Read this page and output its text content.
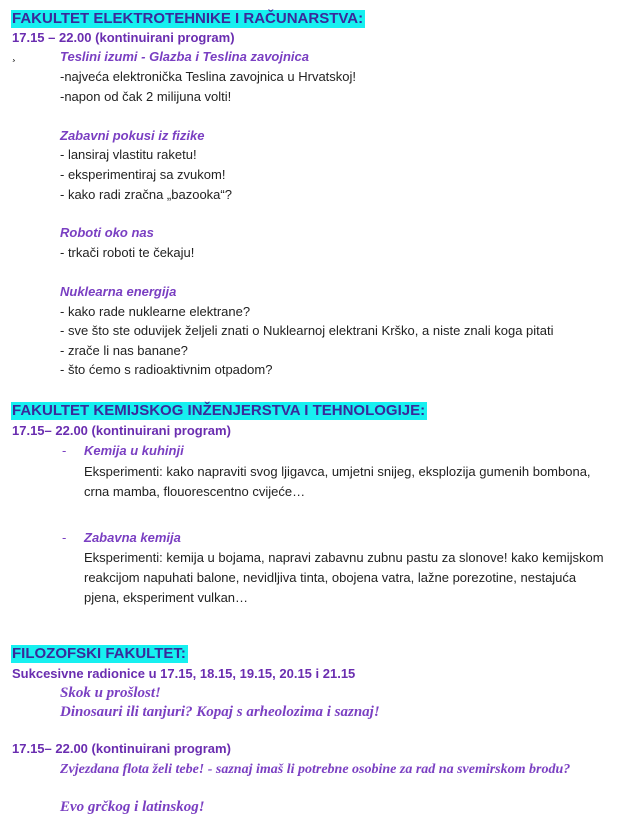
FAKULTET ELEKTROTEHNIKE I RAČUNARSTVA:
17.15 – 22.00 (kontinuirani program)
¸	Teslini izumi - Glazba i Teslina zavojnica
-najveća elektronička Teslina zavojnica u Hrvatskoj!
-napon od čak 2 milijuna volti!
Zabavni pokusi iz fizike
- lansiraj vlastitu raketu!
- eksperimentiraj sa zvukom!
- kako radi zračna „bazooka“?
Roboti oko nas
- trkači roboti te čekaju!
Nuklearna energija
- kako rade nuklearne elektrane?
- sve što ste oduvijek željeli znati o Nuklearnoj elektrani Krško, a niste znali koga pitati
- zrače li nas banane?
- što ćemo s radioaktivnim otpadom?
FAKULTET KEMIJSKOG INŽENJERSTVA I TEHNOLOGIJE:
17.15– 22.00 (kontinuirani program)
- Kemija u kuhinji
Eksperimenti: kako napraviti svog ljigavca, umjetni snijeg, eksplozija gumenih bombona, crna mamba, flouorescentno cvijeće…
- Zabavna kemija
Eksperimenti: kemija u bojama, napravi zabavnu zubnu pastu za slonove! kako kemijskom reakcijom napuhati balone, nevidljiva tinta, obojena vatra, lažne porezotine, nestajuća pjena, eksperiment vulkan…
FILOZOFSKI FAKULTET:
Sukcesivne radionice u 17.15, 18.15, 19.15, 20.15 i 21.15
Skok u prošlost!
Dinosauri ili tanjuri? Kopaj s arheolozima i saznaj!
17.15– 22.00 (kontinuirani program)
Zvjezdana flota želi tebe! - saznaj imaš li potrebne osobine za rad na svemirskom brodu?
Evo grčkog i latinskog!
